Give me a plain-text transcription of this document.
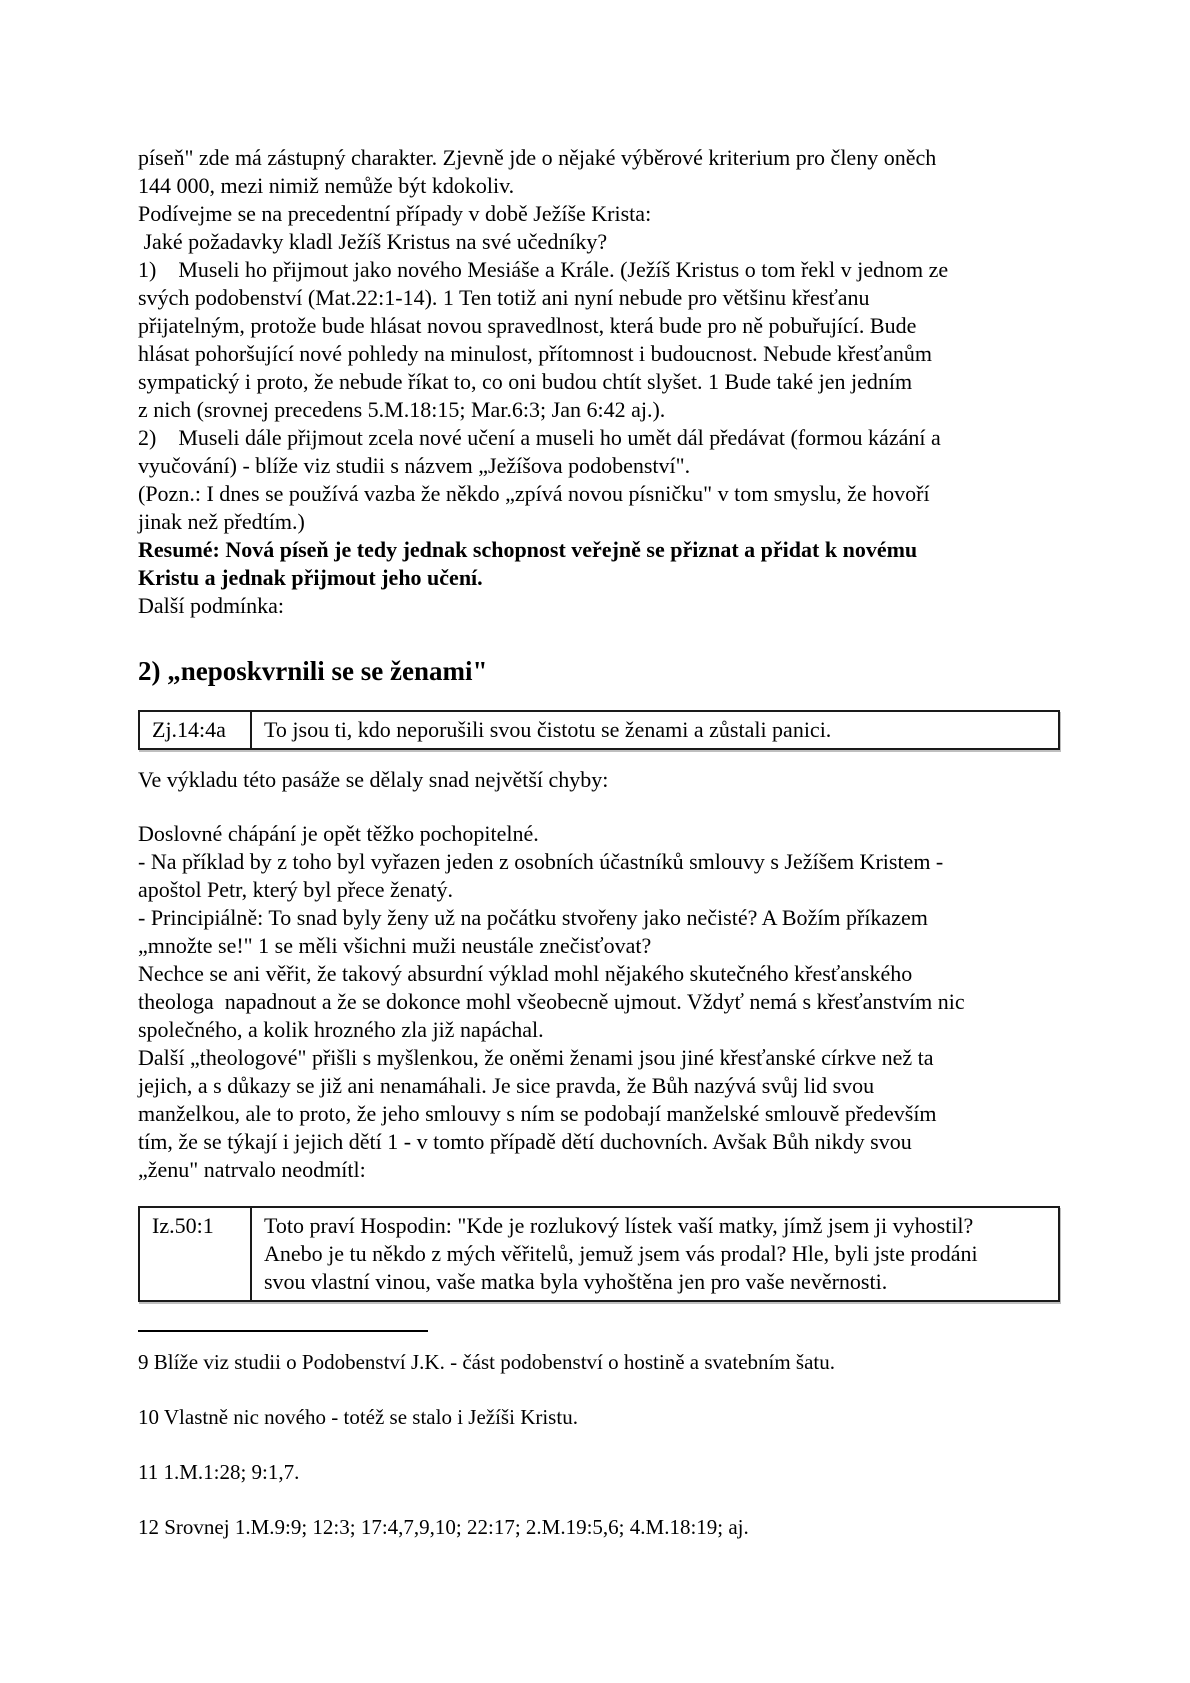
píseň" zde má zástupný charakter. Zjevně jde o nějaké výběrové kriterium pro členy oněch
144 000, mezi nimiž nemůže být kdokoliv.
Podívejme se na precedentní případy v době Ježíše Krista:
Jaké požadavky kladl Ježíš Kristus na své učedníky?
1)    Museli ho přijmout jako nového Mesiáše a Krále. (Ježíš Kristus o tom řekl v jednom ze
svých podobenství (Mat.22:1-14). 1 Ten totiž ani nyní nebude pro většinu křesťanu
přijatelným, protože bude hlásat novou spravedlnost, která bude pro ně pobuřující. Bude
hlásat pohoršující nové pohledy na minulost, přítomnost i budoucnost. Nebude křesťanům
sympatický i proto, že nebude říkat to, co oni budou chtít slyšet. 1 Bude také jen jedním
z nich (srovnej precedens 5.M.18:15; Mar.6:3; Jan 6:42 aj.).
2)    Museli dále přijmout zcela nové učení a museli ho umět dál předávat (formou kázání a
vyučování) - blíže viz studii s názvem „Ježíšova podobenství".
(Pozn.: I dnes se používá vazba že někdo „zpívá novou písničku" v tom smyslu, že hovoří
jinak než předtím.)
Resumé: Nová píseň je tedy jednak schopnost veřejně se přiznat a přidat k novému
Kristu a jednak přijmout jeho učení.
Další podmínka:
2) „neposkvrnili se se ženami"
Zj.14:4a	To jsou ti, kdo neporušili svou čistotu se ženami a zůstali panici.
Ve výkladu této pasáže se dělaly snad největší chyby:
Doslovné chápání je opět těžko pochopitelné.
- Na příklad by z toho byl vyřazen jeden z osobních účastníků smlouvy s Ježíšem Kristem -
apoštol Petr, který byl přece ženatý.
- Principiálně: To snad byly ženy už na počátku stvořeny jako nečisté? A Božím příkazem
„množte se!" 1 se měli všichni muži neustále znečisťovat?
Nechce se ani věřit, že takový absurdní výklad mohl nějakého skutečného křesťanského
theologa  napadnout a že se dokonce mohl všeobecně ujmout. Vždyť nemá s křesťanstvím nic
společného, a kolik hrozného zla již napáchal.
Další „theologové" přišli s myšlenkou, že oněmi ženami jsou jiné křesťanské církve než ta
jejich, a s důkazy se již ani nenamáhali. Je sice pravda, že Bůh nazývá svůj lid svou
manželkou, ale to proto, že jeho smlouvy s ním se podobají manželské smlouvě především
tím, že se týkají i jejich dětí 1 - v tomto případě dětí duchovních. Avšak Bůh nikdy svou
„ženu" natrvalo neodmítl:
Iz.50:1	Toto praví Hospodin: "Kde je rozlukový lístek vaší matky, jímž jsem ji vyhostil?
Anebo je tu někdo z mých věřitelů, jemuž jsem vás prodal? Hle, byli jste prodáni
svou vlastní vinou, vaše matka byla vyhoštěna jen pro vaše nevěrnosti.
9 Blíže viz studii o Podobenství J.K. - část podobenství o hostině a svatebním šatu.
10 Vlastně nic nového - totéž se stalo i Ježíši Kristu.
11 1.M.1:28; 9:1,7.
12 Srovnej 1.M.9:9; 12:3; 17:4,7,9,10; 22:17; 2.M.19:5,6; 4.M.18:19; aj.
